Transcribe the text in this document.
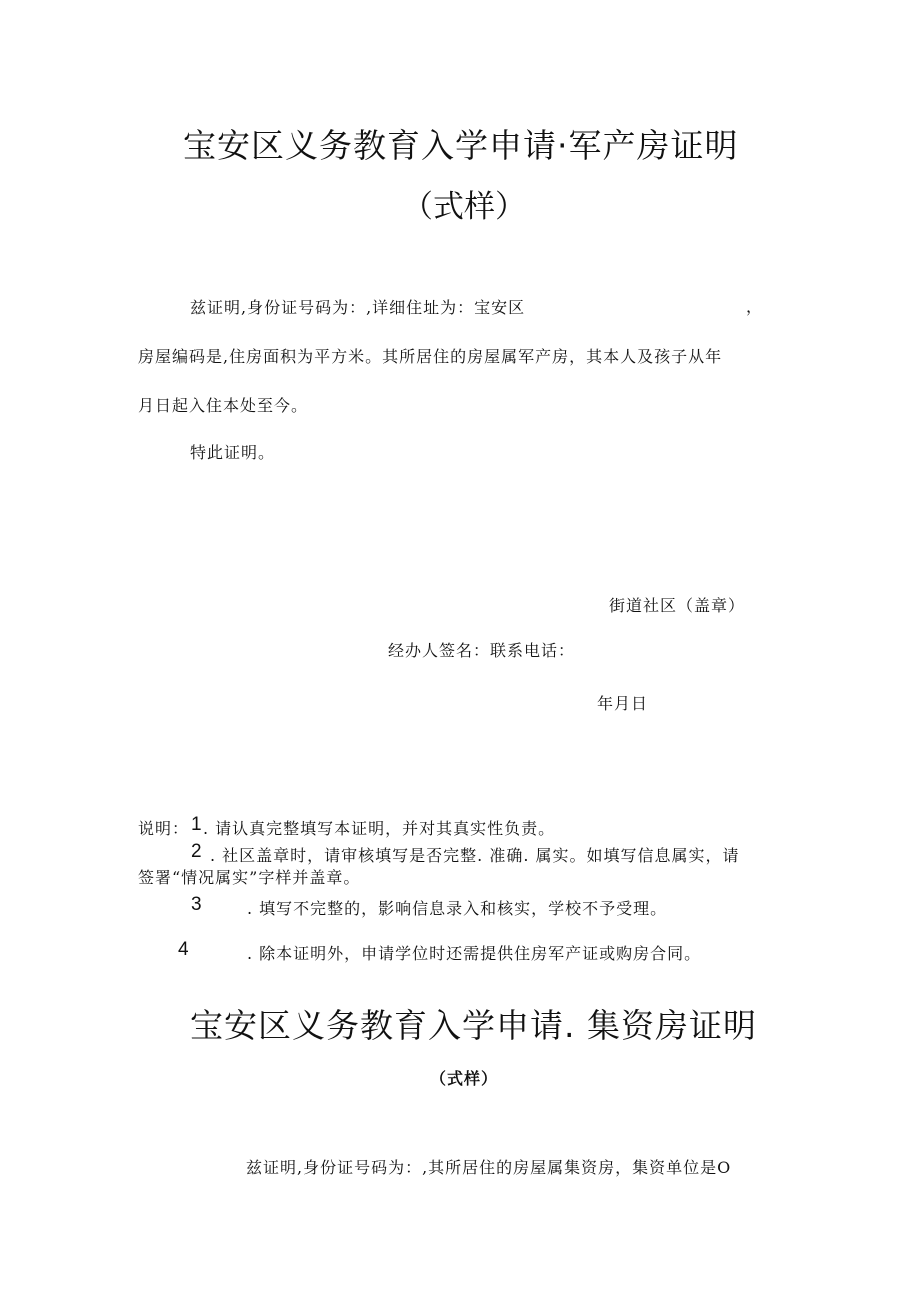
宝安区义务教育入学申请·军产房证明
（式样）
兹证明,身份证号码为：,详细住址为：宝安区	，
房屋编码是,住房面积为平方米。其所居住的房屋属军产房，其本人及孩子从年
月日起入住本处至今。
特此证明。
街道社区（盖章）
经办人签名：联系电话：
年月日
说明： 1 . 请认真完整填写本证明，并对其真实性负责。
2 . 社区盖章时，请审核填写是否完整. 准确. 属实。如填写信息属实，请
签署“情况属实”字样并盖章。
3	. 填写不完整的，影响信息录入和核实，学校不予受理。
4	. 除本证明外，申请学位时还需提供住房军产证或购房合同。
宝安区义务教育入学申请. 集资房证明
（式样）
兹证明,身份证号码为：,其所居住的房屋属集资房，集资单位是O
